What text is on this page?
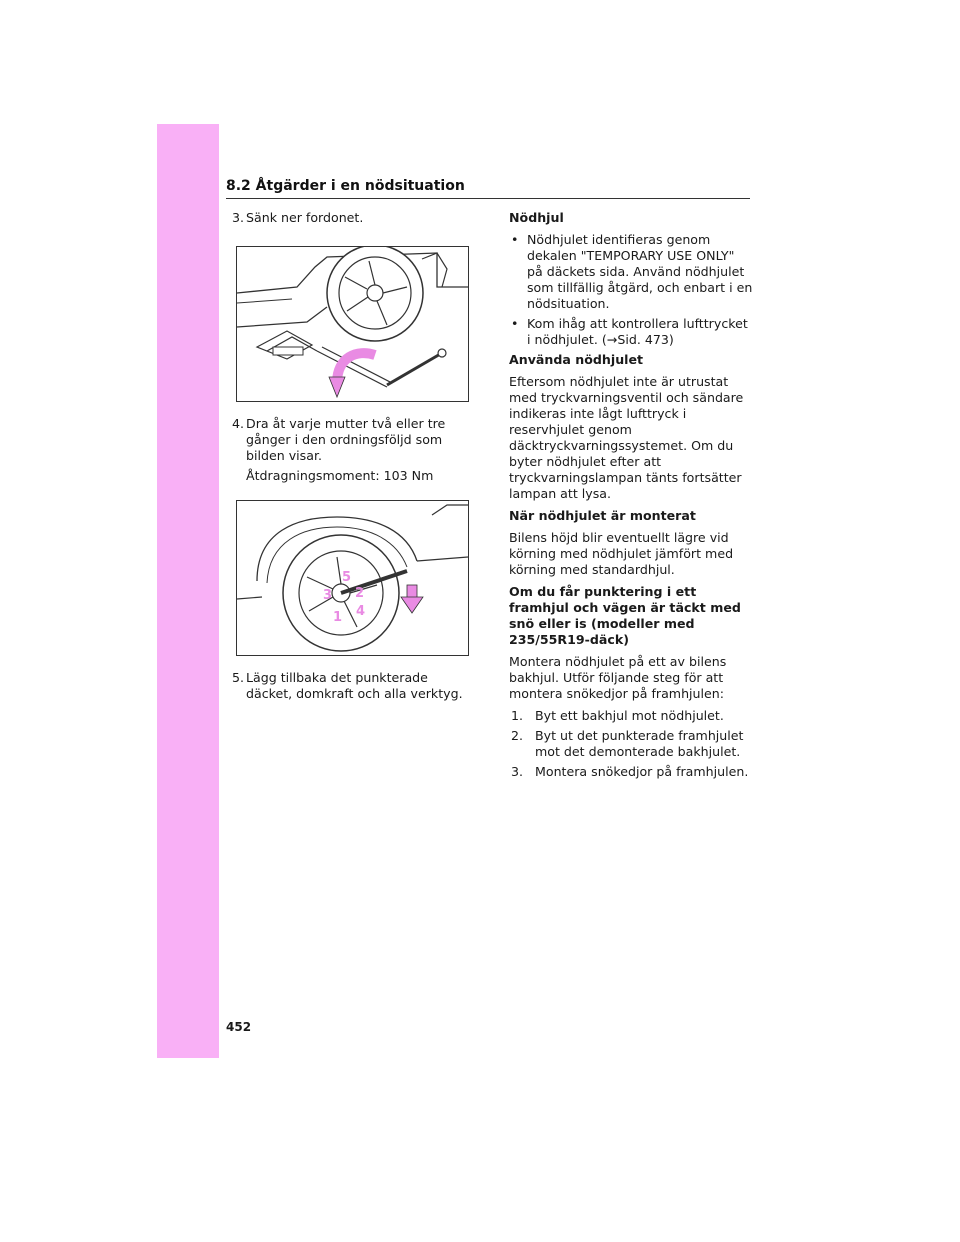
8.2 Åtgärder i en nödsituation
3. Sänk ner fordonet.
4. Dra åt varje mutter två eller tre gånger i den ordningsföljd som bilden visar.
Åtdragningsmoment: 103 Nm
5
2
3
1 4
5. Lägg tillbaka det punkterade däcket, domkraft och alla verktyg.
Nödhjul
• Nödhjulet identifieras genom dekalen "TEMPORARY USE ONLY" på däckets sida. Använd nödhjulet som tillfällig åtgärd, och enbart i en nödsituation.
• Kom ihåg att kontrollera lufttrycket i nödhjulet. (→Sid. 473)
Använda nödhjulet
Eftersom nödhjulet inte är utrustat med tryckvarningsventil och sändare indikeras inte lågt lufttryck i reservhjulet genom däcktryckvarningssystemet. Om du byter nödhjulet efter att tryckvarningslampan tänts fortsätter lampan att lysa.
När nödhjulet är monterat
Bilens höjd blir eventuellt lägre vid körning med nödhjulet jämfört med körning med standardhjul.
Om du får punktering i ett framhjul och vägen är täckt med snö eller is (modeller med 235/55R19-däck)
Montera nödhjulet på ett av bilens bakhjul. Utför följande steg för att montera snökedjor på framhjulen:
1. Byt ett bakhjul mot nödhjulet.
2. Byt ut det punkterade framhjulet mot det demonterade bakhjulet.
3. Montera snökedjor på framhjulen.
452
